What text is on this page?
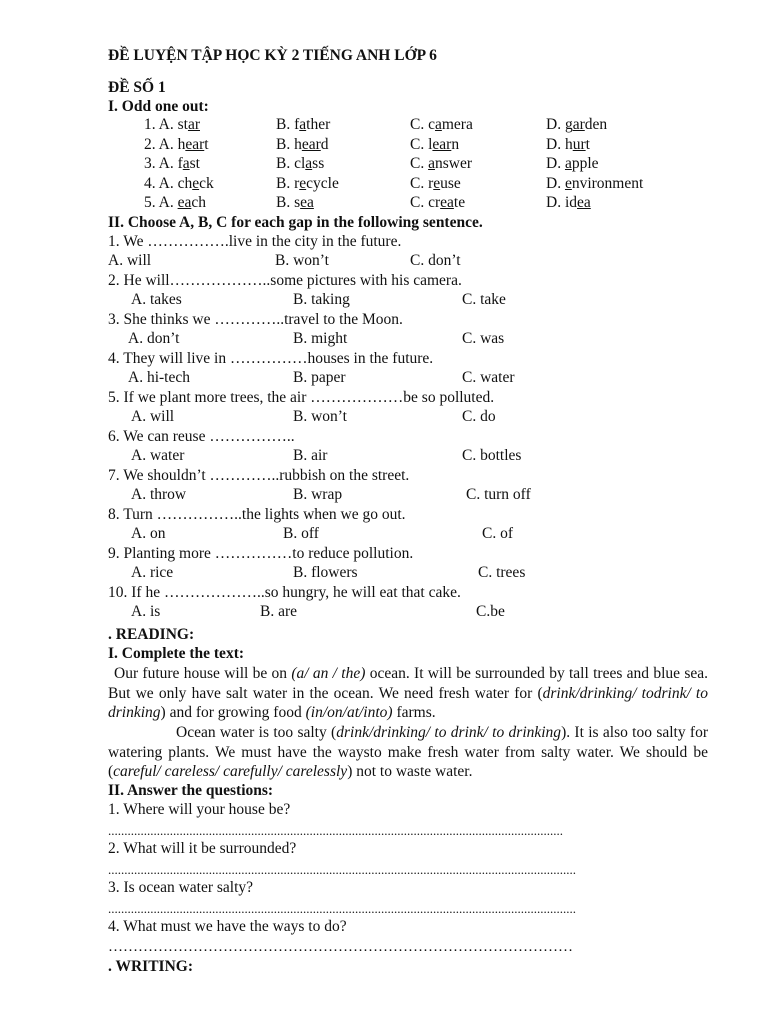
ĐỀ LUYỆN TẬP HỌC KỲ 2 TIẾNG ANH LỚP 6
ĐỀ SỐ 1
I. Odd one out:
1. A. star	B. father	C. camera	D. garden
2. A. heart	B. heard	C. learn	D. hurt
3. A. fast	B. class	C. answer	D. apple
4. A. check	B. recycle	C. reuse	D. environment
5. A. each	B. sea	C. create	D. idea
II. Choose A, B, C for each gap in the following sentence.
1. We …………….live in the city in the future.
A. will	B. won’t	C. don’t
2. He will………………..some pictures with his camera.
A. takes	B. taking	C. take
3. She thinks we …………..travel to the Moon.
A. don’t	B. might	C. was
4. They will live in ……………houses in the future.
A. hi-tech	B. paper	C. water
5. If we plant more trees, the air ………………be so polluted.
A. will	B. won’t	C. do
6. We can reuse ……………..
A. water	B. air	C. bottles
7. We shouldn’t …………..rubbish on the street.
A. throw	B. wrap	C. turn off
8. Turn ……………..the lights when we go out.
A. on	B. off	C. of
9. Planting more ……………to reduce pollution.
A. rice	B. flowers	C. trees
10. If he ………………..so hungry, he will eat that cake.
A. is	B. are	C.be
. READING:
I. Complete the text:
Our future house will be on (a/ an / the) ocean. It will be surrounded by tall trees and blue sea. But we only have salt water in the ocean. We need fresh water for (drink/drinking/ todrink/ to drinking) and for growing food (in/on/at/into) farms.
Ocean water is too salty (drink/drinking/ to drink/ to drinking). It is also too salty for watering plants. We must have the waysto make fresh water from salty water. We should be (careful/ careless/ carefully/ carelessly) not to waste water.
II. Answer the questions:
1. Where will your house be?
............................................................................................................................................
2. What will it be surrounded?
................................................................................................................................................
3. Is ocean water salty?
................................................................................................................................................
4. What must we have the ways to do?
…………………………………………………………………………………
. WRITING:
